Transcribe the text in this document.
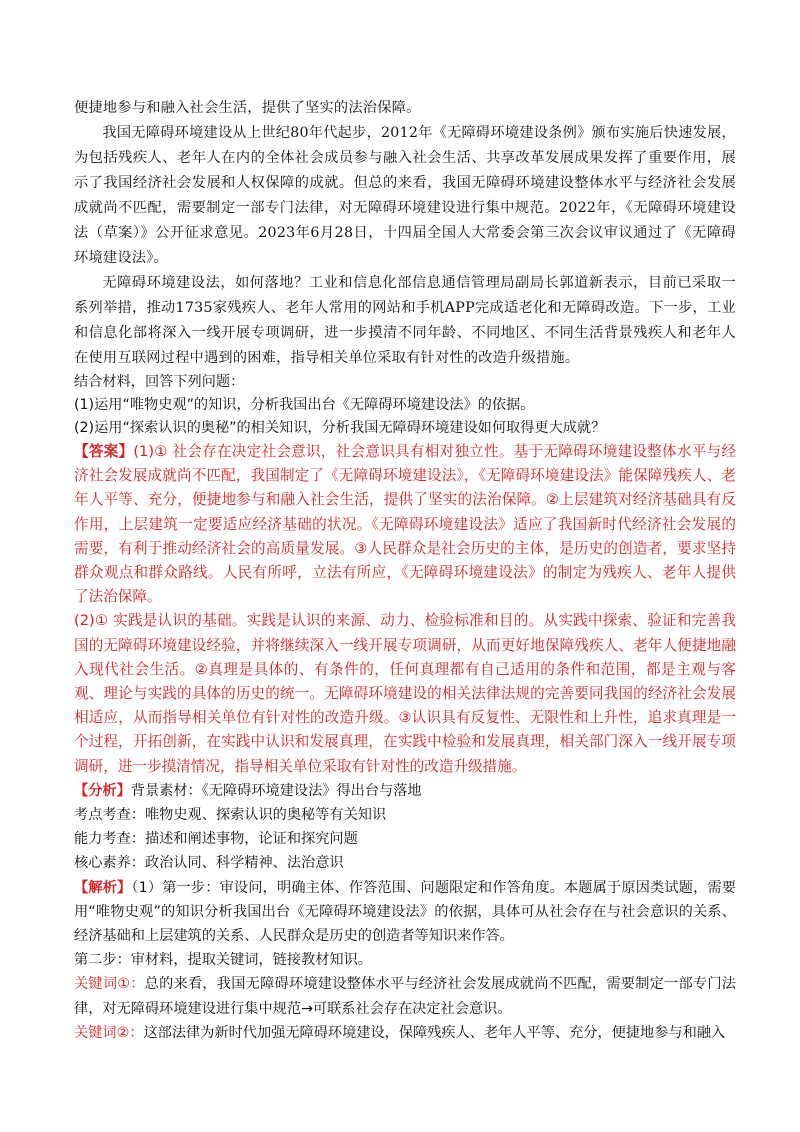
便捷地参与和融入社会生活，提供了坚实的法治保障。

我国无障碍环境建设从上世纪80年代起步，2012年《无障碍环境建设条例》颁布实施后快速发展，为包括残疾人、老年人在内的全体社会成员参与融入社会生活、共享改革发展成果发挥了重要作用，展示了我国经济社会发展和人权保障的成就。但总的来看，我国无障碍环境建设整体水平与经济社会发展成就尚不匹配，需要制定一部专门法律，对无障碍环境建设进行集中规范。2022年，《无障碍环境建设法（草案）》公开征求意见。2023年6月28日，十四届全国人大常委会第三次会议审议通过了《无障碍环境建设法》。

无障碍环境建设法，如何落地？工业和信息化部信息通信管理局副局长郭道新表示，目前已采取一系列举措，推动1735家残疾人、老年人常用的网站和手机APP完成适老化和无障碍改造。下一步，工业和信息化部将深入一线开展专项调研，进一步摸清不同年龄、不同地区、不同生活背景残疾人和老年人在使用互联网过程中遇到的困难，指导相关单位采取有针对性的改造升级措施。

结合材料，回答下列问题：

(1)运用“唯物史观”的知识，分析我国出台《无障碍环境建设法》的依据。

(2)运用“探索认识的奥秘”的相关知识，分析我国无障碍环境建设如何取得更大成就？

【答案】(1)① 社会存在决定社会意识，社会意识具有相对独立性。基于无障碍环境建设整体水平与经济社会发展成就尚不匹配，我国制定了《无障碍环境建设法》，《无障碍环境建设法》能保障残疾人、老年人平等、充分，便捷地参与和融入社会生活，提供了坚实的法治保障。②上层建筑对经济基础具有反作用，上层建筑一定要适应经济基础的状况。《无障碍环境建设法》适应了我国新时代经济社会发展的需要，有利于推动经济社会的高质量发展。③人民群众是社会历史的主体，是历史的创造者，要求坚持群众观点和群众路线。人民有所呼，立法有所应，《无障碍环境建设法》的制定为残疾人、老年人提供了法治保障。

(2)① 实践是认识的基础。实践是认识的来源、动力、检验标准和目的。从实践中探索、验证和完善我国的无障碍环境建设经验，并将继续深入一线开展专项调研，从而更好地保障残疾人、老年人便捷地融入现代社会生活。②真理是具体的、有条件的，任何真理都有自己适用的条件和范围，都是主观与客观、理论与实践的具体的历史的统一。无障碍环境建设的相关法律法规的完善要同我国的经济社会发展相适应，从而指导相关单位有针对性的改造升级。③认识具有反复性、无限性和上升性，追求真理是一个过程，开拓创新，在实践中认识和发展真理，在实践中检验和发展真理，相关部门深入一线开展专项调研，进一步摸清情况，指导相关单位采取有针对性的改造升级措施。

【分析】背景素材：《无障碍环境建设法》得出台与落地

考点考查：唯物史观、探索认识的奥秘等有关知识

能力考查：描述和阐述事物，论证和探究问题

核心素养：政治认同、科学精神、法治意识

【解析】（1）第一步：审设问，明确主体、作答范围、问题限定和作答角度。本题属于原因类试题，需要用“唯物史观”的知识分析我国出台《无障碍环境建设法》的依据，具体可从社会存在与社会意识的关系、经济基础和上层建筑的关系、人民群众是历史的创造者等知识来作答。

第二步：审材料，提取关键词，链接教材知识。

关键词①：总的来看，我国无障碍环境建设整体水平与经济社会发展成就尚不匹配，需要制定一部专门法律，对无障碍环境建设进行集中规范→可联系社会存在决定社会意识。

关键词②：这部法律为新时代加强无障碍环境建设，保障残疾人、老年人平等、充分，便捷地参与和融入
